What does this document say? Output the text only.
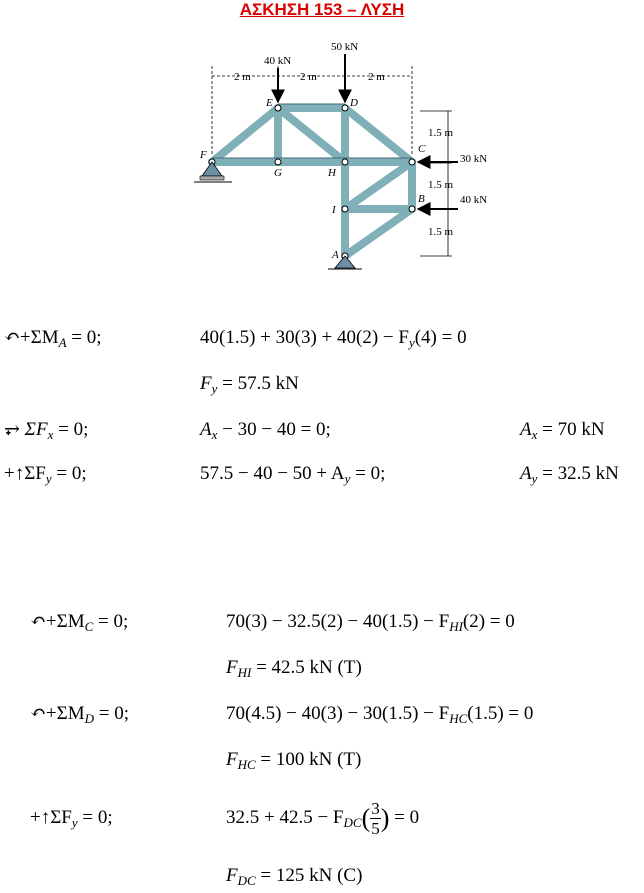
ΑΣΚΗΣΗ 153 – ΛΥΣΗ
40 kN
50 kN
30 kN
40 kN
2 m	2 m	2 m
1.5 m
1.5 m
1.5 m
F
E	D
C
G	H
I
B
A
$↶+\Sigma M_A = 0$;	$40(1.5) + 30(3) + 40(2) - F_y(4) = 0$
$F_y = 57.5$ kN
⥅ $\Sigma F_x = 0$;	$A_x - 30 - 40 = 0$;	$A_x = 70$ kN
$+↑\Sigma F_y = 0$;	$57.5 - 40 - 50 + A_y = 0$;	$A_y = 32.5$ kN
$↶+\Sigma M_C = 0$;	$70(3) - 32.5(2) - 40(1.5) - F_{HI}(2) = 0$
$F_{HI} = 42.5$ kN (T)
$↶+\Sigma M_D = 0$;	$70(4.5) - 40(3) - 30(1.5) - F_{HC}(1.5) = 0$
$F_{HC} = 100$ kN (T)
$+↑\Sigma F_y = 0$;	$32.5 + 42.5 - F_{DC}( \frac{3}{5}$ ) = 0
$F_{DC} = 125$ kN (C)
